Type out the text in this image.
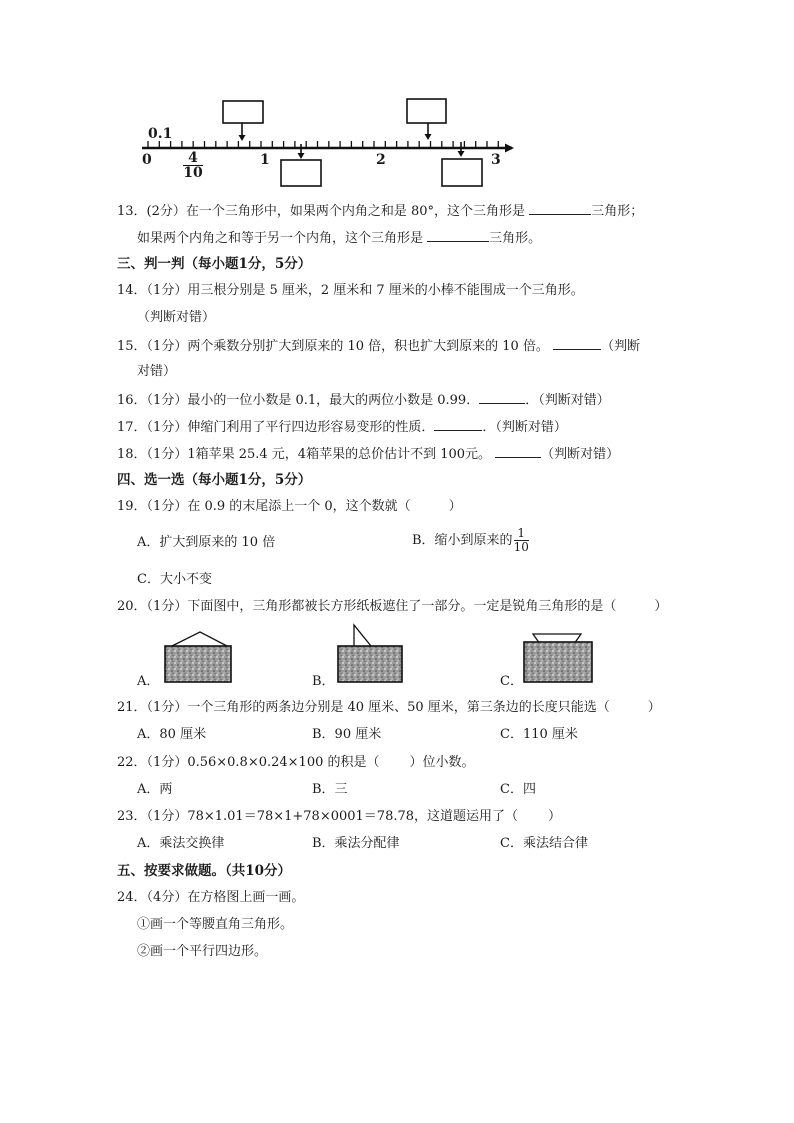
0.1
$0 \frac{4}{10}$	1	2	3
13．(2分）在一个三角形中，如果两个内角之和是 80°，这个三角形是	三角形；
如果两个内角之和等于另一个内角，这个三角形是	三角形。
三、判一判（每小题1分，5分）
14．（1分）用三根分别是 5 厘米，2 厘米和 7 厘米的小棒不能围成一个三角形。
（判断对错）
15．（1分）两个乘数分别扩大到原来的 10 倍，积也扩大到原来的 10 倍。	（判断
对错）
16．（1分）最小的一位小数是 0.1，最大的两位小数是 0.99．	．（判断对错）
17．（1分）伸缩门利用了平行四边形容易变形的性质．	．（判断对错）
18．（1分）1箱苹果 25.4 元，4箱苹果的总价估计不到 100元。	（判断对错）
四、选一选（每小题1分，5分）
19．（1分）在 0.9 的末尾添上一个 0，这个数就（	）
A．扩大到原来的 10 倍	B．缩小到原来的 $\frac{1}{10}$
C．大小不变
20．（1分）下面图中，三角形都被长方形纸板遮住了一部分。一定是锐角三角形的是（	）
A．	B．	C．
21．（1分）一个三角形的两条边分别是 40 厘米、50 厘米，第三条边的长度只能选（	）
A．80 厘米	B．90 厘米	C．110 厘米
22．（1分）0.56×0.8×0.24×100 的积是（ ）位小数。
A．两	B．三	C．四
23．（1分）78×1.01＝78×1+78×0001＝78.78，这道题运用了（ ）
A．乘法交换律	B．乘法分配律	C．乘法结合律
五、按要求做题。（共10分）
24．（4分）在方格图上画一画。
①画一个等腰直角三角形。
②画一个平行四边形。
